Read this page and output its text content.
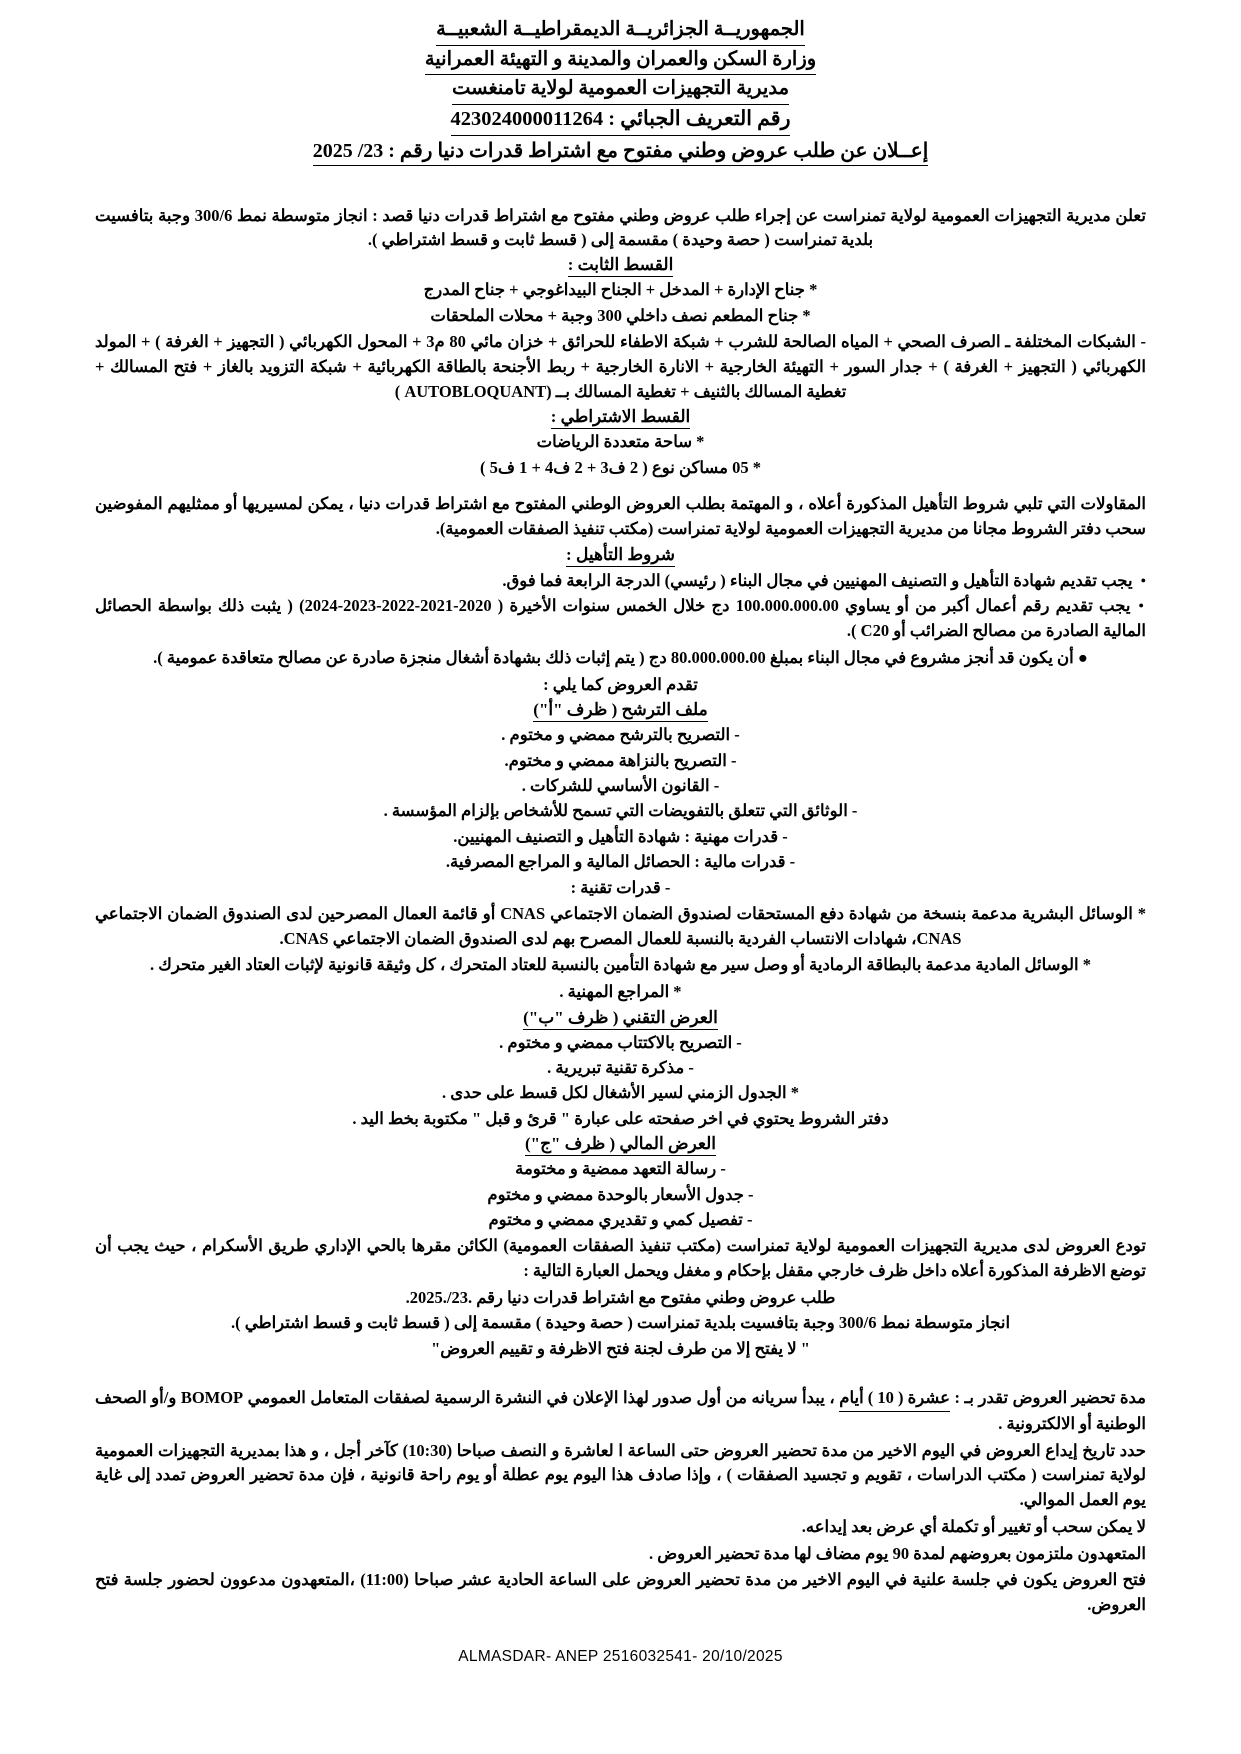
الجمهوريــة الجزائريــة الديمقراطيــة الشعبيــة
وزارة السكن والعمران والمدينة و التهيئة العمرانية
مديرية التجهيزات العمومية لولاية تامنغست
رقم التعريف الجبائي : 423024000011264
إعــلان عن طلب عروض وطني مفتوح مع اشتراط قدرات دنيا رقم : 23/ 2025
تعلن مديرية التجهيزات العمومية لولاية تمنراست عن إجراء طلب عروض وطني مفتوح مع اشتراط قدرات دنيا قصد : انجاز متوسطة نمط 300/6 وجبة بتافسيت بلدية تمنراست ( حصة وحيدة ) مقسمة إلى ( قسط ثابت و قسط اشتراطي ).
القسط الثابت :
* جناح الإدارة + المدخل + الجناح البيداغوجي + جناح المدرج
* جناح المطعم نصف داخلي 300 وجبة + محلات الملحقات
- الشبكات المختلفة ـ الصرف الصحي + المياه الصالحة للشرب + شبكة الاطفاء للحرائق + خزان مائي 80 م3 + المحول الكهربائي ( التجهيز + الغرفة ) + المولد الكهربائي ( التجهيز + الغرفة ) + جدار السور + التهيئة الخارجية + الانارة الخارجية + ربط الأجنحة بالطاقة الكهربائية + شبكة التزويد بالغاز + فتح المسالك + تغطية المسالك بالثنيف + تغطية المسالك بــ (AUTOBLOQUANT )
القسط الاشتراطي :
* ساحة متعددة الرياضات
* 05 مساكن نوع ( 2 ف3 + 2 ف4 + 1 ف5 )
المقاولات التي تلبي شروط التأهيل المذكورة أعلاه ، و المهتمة بطلب العروض الوطني المفتوح مع اشتراط قدرات دنيا ، يمكن لمسيريها أو ممثليهم المفوضين سحب دفتر الشروط مجانا من مديرية التجهيزات العمومية لولاية تمنراست (مكتب تنفيذ الصفقات العمومية).
شروط التأهيل :
● يجب تقديم شهادة التأهيل و التصنيف المهنيين في مجال البناء ( رئيسي) الدرجة الرابعة فما فوق.
● يجب تقديم رقم أعمال أكبر من أو يساوي 100.000.000.00 دج خلال الخمس سنوات الأخيرة ( 2020-2021-2022-2023-2024) ( يثبت ذلك بواسطة الحصائل المالية الصادرة من مصالح الضرائب أو C20 ).
● أن يكون قد أنجز مشروع في مجال البناء بمبلغ 80.000.000.00 دج ( يتم إثبات ذلك بشهادة أشغال منجزة صادرة عن مصالح متعاقدة عمومية ).
تقدم العروض كما يلي :
ملف الترشح ( ظرف "أ")
- التصريح بالترشح ممضي و مختوم .
- التصريح بالنزاهة ممضي و مختوم.
- القانون الأساسي للشركات .
- الوثائق التي تتعلق بالتفويضات التي تسمح للأشخاص بإلزام المؤسسة .
- قدرات مهنية : شهادة التأهيل و التصنيف المهنيين.
- قدرات مالية : الحصائل المالية و المراجع المصرفية.
- قدرات تقنية :
* الوسائل البشرية مدعمة بنسخة من شهادة دفع المستحقات لصندوق الضمان الاجتماعي CNAS أو قائمة العمال المصرحين لدى الصندوق الضمان الاجتماعي CNAS، شهادات الانتساب الفردية بالنسبة للعمال المصرح بهم لدى الصندوق الضمان الاجتماعي CNAS.
* الوسائل المادية مدعمة بالبطاقة الرمادية أو وصل سير مع شهادة التأمين بالنسبة للعتاد المتحرك ، كل وثيقة قانونية لإثبات العتاد الغير متحرك .
* المراجع المهنية .
العرض التقني ( ظرف "ب")
- التصريح بالاكتتاب ممضي و مختوم .
- مذكرة تقنية تبريرية .
* الجدول الزمني لسير الأشغال لكل قسط على حدى .
دفتر الشروط يحتوي في اخر صفحته على عبارة " قرئ و قبل " مكتوبة بخط اليد .
العرض المالي ( ظرف "ج")
- رسالة التعهد ممضية و مختومة
- جدول الأسعار بالوحدة ممضي و مختوم
- تفصيل كمي و تقديري ممضي و مختوم
تودع العروض لدى مديرية التجهيزات العمومية لولاية تمنراست (مكتب تنفيذ الصفقات العمومية) الكائن مقرها بالحي الإداري طريق الأسكرام ، حيث يجب أن توضع الاظرفة المذكورة أعلاه داخل ظرف خارجي مقفل بإحكام و مغفل ويحمل العبارة التالية :
طلب عروض وطني مفتوح مع اشتراط قدرات دنيا رقم .23/.2025.
انجاز متوسطة نمط 300/6 وجبة بتافسيت بلدية تمنراست ( حصة وحيدة ) مقسمة إلى ( قسط ثابت و قسط اشتراطي ).
" لا يفتح إلا من طرف لجنة فتح الاظرفة و تقييم العروض"
مدة تحضير العروض تقدر بـ : عشرة ( 10 ) أيام ، يبدأ سريانه من أول صدور لهذا الإعلان في النشرة الرسمية لصفقات المتعامل العمومي BOMOP و/أو الصحف الوطنية أو الالكترونية .
حدد تاريخ إيداع العروض في اليوم الاخير من مدة تحضير العروض حتى الساعة ا لعاشرة و النصف صباحا (10:30) كآخر أجل ، و هذا بمديرية التجهيزات العمومية لولاية تمنراست ( مكتب الدراسات ، تقويم و تجسيد الصفقات ) ، وإذا صادف هذا اليوم يوم عطلة أو يوم راحة قانونية ، فإن مدة تحضير العروض تمدد إلى غاية يوم العمل الموالي.
لا يمكن سحب أو تغيير أو تكملة أي عرض بعد إيداعه.
المتعهدون ملتزمون بعروضهم لمدة 90 يوم مضاف لها مدة تحضير العروض .
فتح العروض يكون في جلسة علنية في اليوم الاخير من مدة تحضير العروض على الساعة الحادية عشر صباحا (11:00) ،المتعهدون مدعوون لحضور جلسة فتح العروض.
ALMASDAR- ANEP 2516032541- 20/10/2025
